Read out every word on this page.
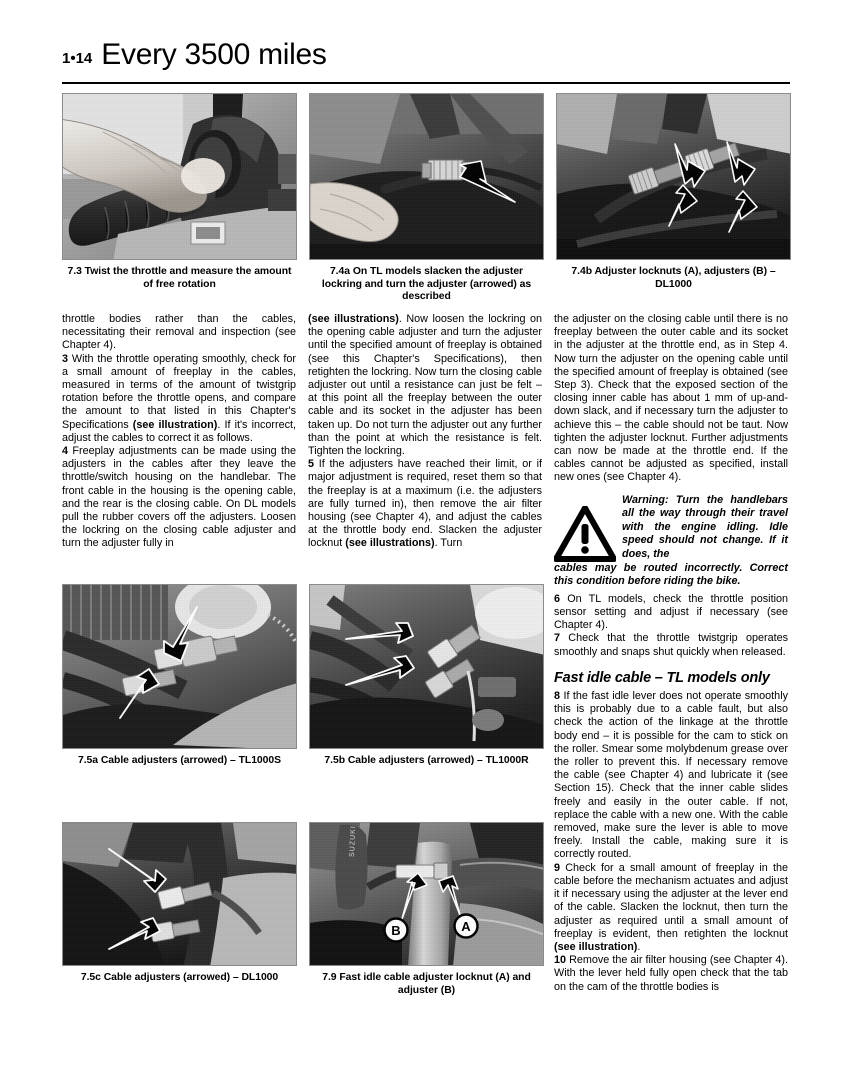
1•14 Every 3500 miles
7.3 Twist the throttle and measure the amount of free rotation
7.4a On TL models slacken the adjuster lockring and turn the adjuster (arrowed) as described
7.4b Adjuster locknuts (A), adjusters (B) – DL1000

throttle bodies rather than the cables, necessitating their removal and inspection (see Chapter 4).

3 With the throttle operating smoothly, check for a small amount of freeplay in the cables, measured in terms of the amount of twistgrip rotation before the throttle opens, and compare the amount to that listed in this Chapter's Specifications (see illustration). If it's incorrect, adjust the cables to correct it as follows.

4 Freeplay adjustments can be made using the adjusters in the cables after they leave the throttle/switch housing on the handlebar. The front cable in the housing is the opening cable, and the rear is the closing cable. On DL models pull the rubber covers off the adjusters. Loosen the lockring on the closing cable adjuster and turn the adjuster fully in

(see illustrations). Now loosen the lockring on the opening cable adjuster and turn the adjuster until the specified amount of freeplay is obtained (see this Chapter's Specifications), then retighten the lockring. Now turn the closing cable adjuster out until a resistance can just be felt – at this point all the freeplay between the outer cable and its socket in the adjuster has been taken up. Do not turn the adjuster out any further than the point at which the resistance is felt. Tighten the lockring.

5 If the adjusters have reached their limit, or if major adjustment is required, reset them so that the freeplay is at a maximum (i.e. the adjusters are fully turned in), then remove the air filter housing (see Chapter 4), and adjust the cables at the throttle body end. Slacken the adjuster locknut (see illustrations). Turn

the adjuster on the closing cable until there is no freeplay between the outer cable and its socket in the adjuster at the throttle end, as in Step 4. Now turn the adjuster on the opening cable until the specified amount of freeplay is obtained (see Step 3). Check that the exposed section of the closing inner cable has about 1 mm of up-and-down slack, and if necessary turn the adjuster to achieve this – the cable should not be taut. Now tighten the adjuster locknut. Further adjustments can now be made at the throttle end. If the cables cannot be adjusted as specified, install new ones (see Chapter 4).

Warning: Turn the handlebars all the way through their travel with the engine idling. Idle speed should not change. If it does, the
cables may be routed incorrectly. Correct this condition before riding the bike.

6 On TL models, check the throttle position sensor setting and adjust if necessary (see Chapter 4).

7 Check that the throttle twistgrip operates smoothly and snaps shut quickly when released.

Fast idle cable – TL models only

8 If the fast idle lever does not operate smoothly this is probably due to a cable fault, but also check the action of the linkage at the throttle body end – it is possible for the cam to stick on the roller. Smear some molybdenum grease over the roller to prevent this. If necessary remove the cable (see Chapter 4) and lubricate it (see Section 15). Check that the inner cable slides freely and easily in the outer cable. If not, replace the cable with a new one. With the cable removed, make sure the lever is able to move freely. Install the cable, making sure it is correctly routed.

9 Check for a small amount of freeplay in the cable before the mechanism actuates and adjust it if necessary using the adjuster at the lever end of the cable. Slacken the locknut, then turn the adjuster as required until a small amount of freeplay is evident, then retighten the locknut (see illustration).

10 Remove the air filter housing (see Chapter 4). With the lever held fully open check that the tab on the cam of the throttle bodies is

7.5a Cable adjusters (arrowed) – TL1000S	7.5b Cable adjusters (arrowed) – TL1000R
7.5c Cable adjusters (arrowed) – DL1000
SUZUKI
B	A
7.9 Fast idle cable adjuster locknut (A) and adjuster (B)
